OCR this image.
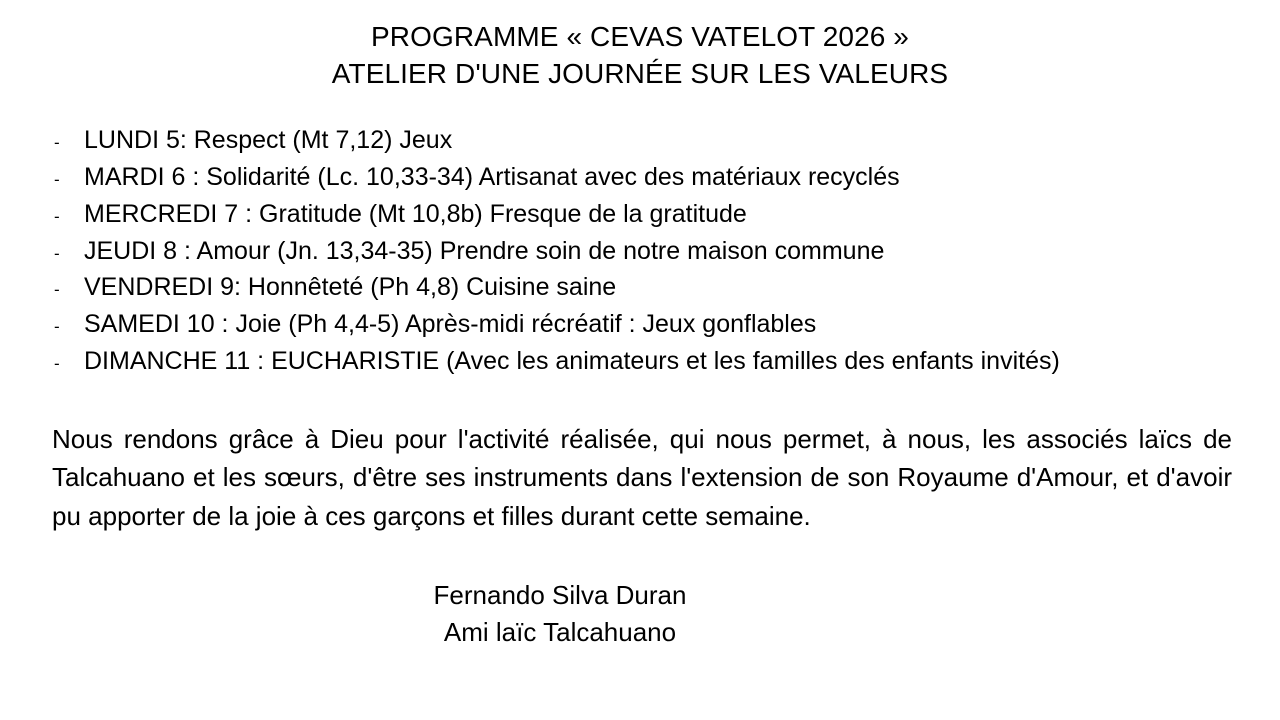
PROGRAMME « CEVAS VATELOT 2026 »
ATELIER D'UNE JOURNÉE SUR LES VALEURS
- LUNDI 5: Respect (Mt 7,12) Jeux
- MARDI 6 : Solidarité (Lc. 10,33-34) Artisanat avec des matériaux recyclés
- MERCREDI 7 : Gratitude (Mt 10,8b) Fresque de la gratitude
- JEUDI 8 : Amour (Jn. 13,34-35) Prendre soin de notre maison commune
- VENDREDI 9: Honnêteté (Ph 4,8) Cuisine saine
- SAMEDI 10 : Joie (Ph 4,4-5) Après-midi récréatif : Jeux gonflables
- DIMANCHE 11 : EUCHARISTIE (Avec les animateurs et les familles des enfants invités)

Nous rendons grâce à Dieu pour l'activité réalisée, qui nous permet, à nous, les associés laïcs de Talcahuano et les sœurs, d'être ses instruments dans l'extension de son Royaume d'Amour, et d'avoir pu apporter de la joie à ces garçons et filles durant cette semaine.

Fernando Silva Duran
Ami laïc Talcahuano
